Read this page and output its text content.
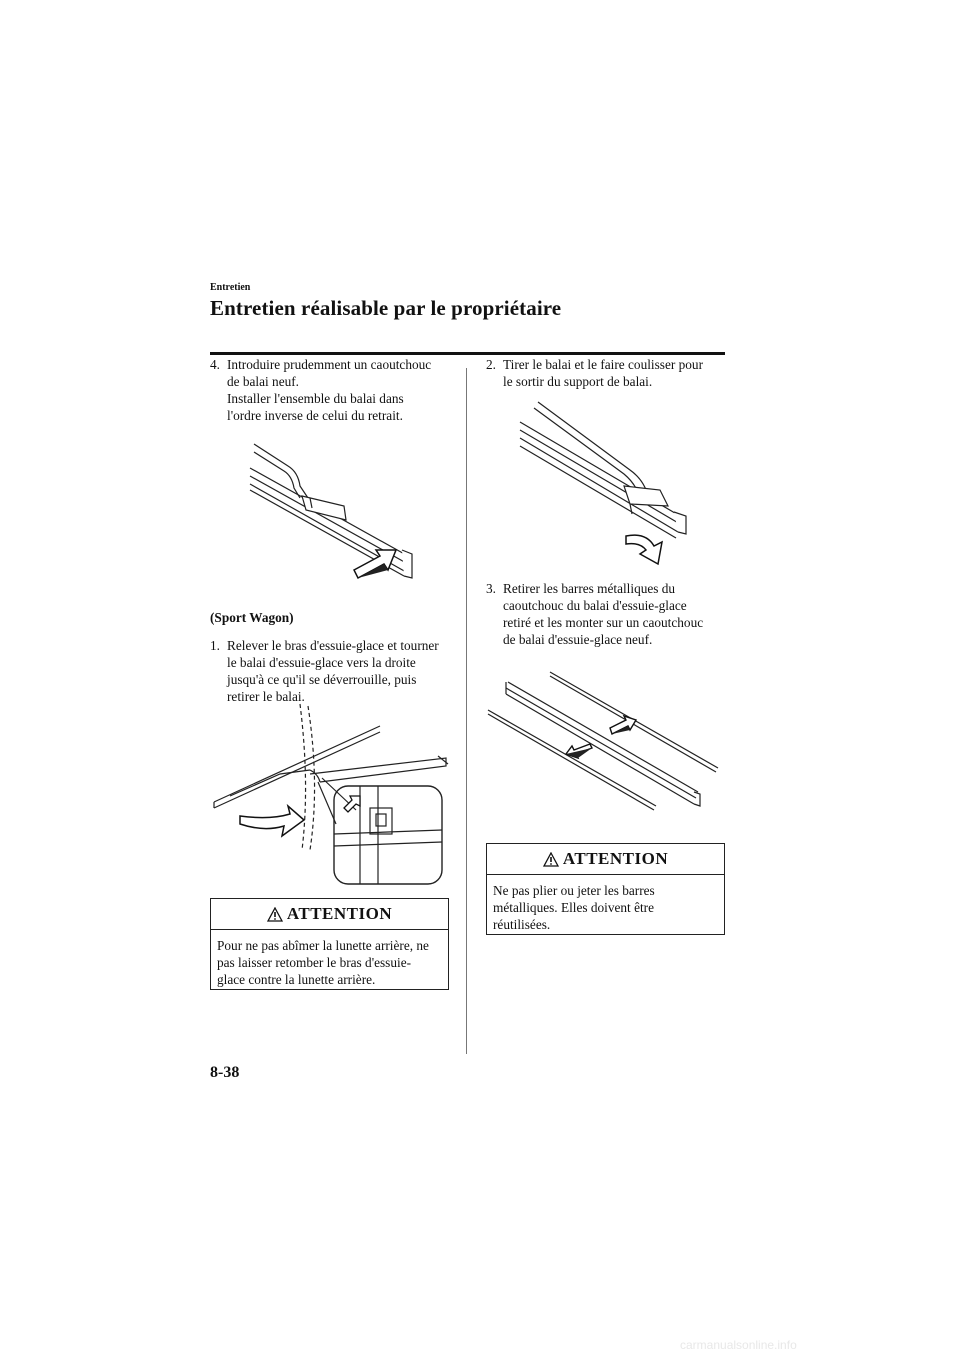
Entretien
Entretien réalisable par le propriétaire
4. Introduire prudemment un caoutchouc
de balai neuf.
Installer l'ensemble du balai dans
l'ordre inverse de celui du retrait.
(Sport Wagon)
1. Relever le bras d'essuie-glace et tourner
le balai d'essuie-glace vers la droite
jusqu'à ce qu'il se déverrouille, puis
retirer le balai.
ATTENTION
Pour ne pas abîmer la lunette arrière, ne
pas laisser retomber le bras d'essuie-
glace contre la lunette arrière.
2. Tirer le balai et le faire coulisser pour
le sortir du support de balai.
3. Retirer les barres métalliques du
caoutchouc du balai d'essuie-glace
retiré et les monter sur un caoutchouc
de balai d'essuie-glace neuf.
ATTENTION
Ne pas plier ou jeter les barres
métalliques. Elles doivent être
réutilisées.
8-38
carmanualsonline.info
